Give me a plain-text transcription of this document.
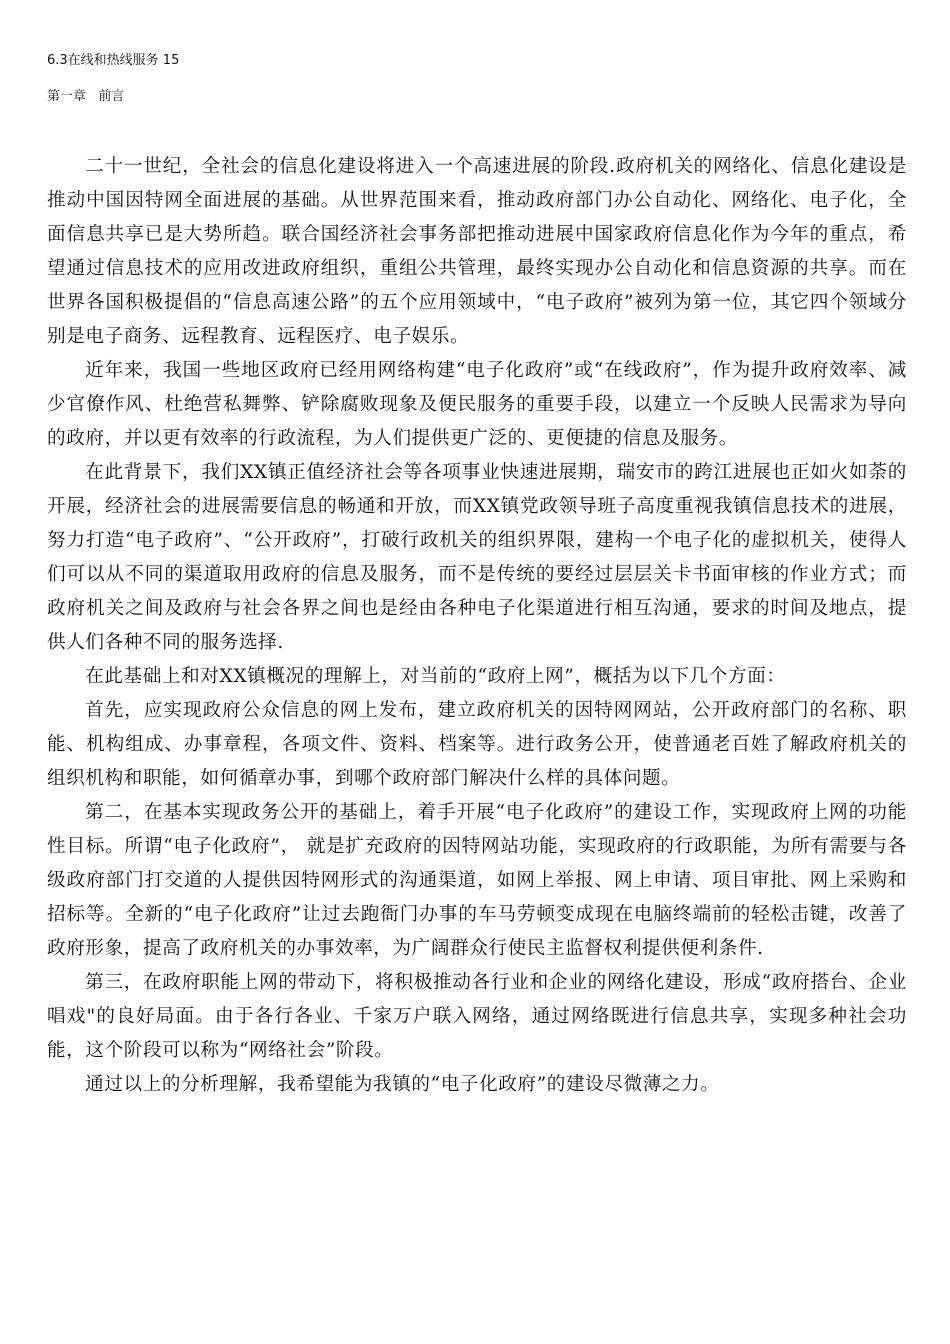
6.3在线和热线服务 15
第一章   前言

二十一世纪，全社会的信息化建设将进入一个高速进展的阶段.政府机关的网络化、信息化建设是推动中国因特网全面进展的基础。从世界范围来看，推动政府部门办公自动化、网络化、电子化，全面信息共享已是大势所趋。联合国经济社会事务部把推动进展中国家政府信息化作为今年的重点，希望通过信息技术的应用改进政府组织，重组公共管理，最终实现办公自动化和信息资源的共享。而在世界各国积极提倡的“信息高速公路”的五个应用领域中，“电子政府”被列为第一位，其它四个领域分别是电子商务、远程教育、远程医疗、电子娱乐。

近年来，我国一些地区政府已经用网络构建“电子化政府”或“在线政府”，作为提升政府效率、减少官僚作风、杜绝营私舞弊、铲除腐败现象及便民服务的重要手段，以建立一个反映人民需求为导向的政府，并以更有效率的行政流程，为人们提供更广泛的、更便捷的信息及服务。

在此背景下，我们XX镇正值经济社会等各项事业快速进展期，瑞安市的跨江进展也正如火如荼的开展，经济社会的进展需要信息的畅通和开放，而XX镇党政领导班子高度重视我镇信息技术的进展，努力打造“电子政府”、“公开政府”，打破行政机关的组织界限，建构一个电子化的虚拟机关，使得人们可以从不同的渠道取用政府的信息及服务，而不是传统的要经过层层关卡书面审核的作业方式；而政府机关之间及政府与社会各界之间也是经由各种电子化渠道进行相互沟通，要求的时间及地点，提供人们各种不同的服务选择.

在此基础上和对XX镇概况的理解上，对当前的“政府上网”，概括为以下几个方面：

首先，应实现政府公众信息的网上发布，建立政府机关的因特网网站，公开政府部门的名称、职能、机构组成、办事章程，各项文件、资料、档案等。进行政务公开，使普通老百姓了解政府机关的组织机构和职能，如何循章办事，到哪个政府部门解决什么样的具体问题。

第二，在基本实现政务公开的基础上，着手开展“电子化政府”的建设工作，实现政府上网的功能性目标。所谓“电子化政府”， 就是扩充政府的因特网站功能，实现政府的行政职能，为所有需要与各级政府部门打交道的人提供因特网形式的沟通渠道，如网上举报、网上申请、项目审批、网上采购和招标等。全新的“电子化政府”让过去跑衙门办事的车马劳顿变成现在电脑终端前的轻松击键，改善了政府形象，提高了政府机关的办事效率，为广阔群众行使民主监督权利提供便利条件.

第三，在政府职能上网的带动下，将积极推动各行业和企业的网络化建设，形成“政府搭台、企业唱戏"的良好局面。由于各行各业、千家万户联入网络，通过网络既进行信息共享，实现多种社会功能，这个阶段可以称为“网络社会”阶段。

通过以上的分析理解，我希望能为我镇的“电子化政府”的建设尽微薄之力。
